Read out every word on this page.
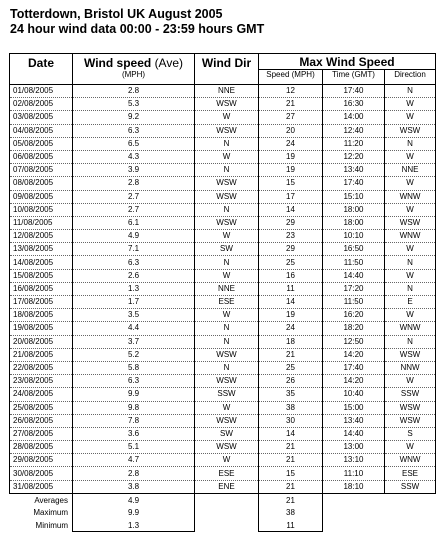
Totterdown, Bristol UK August 2005
24 hour wind data 00:00 - 23:59 hours GMT
Date	Wind speed (Ave)	Wind Dir	Max Wind Speed		
	(MPH)		Speed (MPH)	Time (GMT)	Direction
01/08/2005	2.8	NNE	12	17:40	N
02/08/2005	5.3	WSW	21	16:30	W
03/08/2005	9.2	W	27	14:00	W
04/08/2005	6.3	WSW	20	12:40	WSW
05/08/2005	6.5	N	24	11:20	N
06/08/2005	4.3	W	19	12:20	W
07/08/2005	3.9	N	19	13:40	NNE
08/08/2005	2.8	WSW	15	17:40	W
09/08/2005	2.7	WSW	17	15:10	WNW
10/08/2005	2.7	N	14	18:00	W
11/08/2005	6.1	WSW	29	18:00	WSW
12/08/2005	4.9	W	23	10:10	WNW
13/08/2005	7.1	SW	29	16:50	W
14/08/2005	6.3	N	25	11:50	N
15/08/2005	2.6	W	16	14:40	W
16/08/2005	1.3	NNE	11	17:20	N
17/08/2005	1.7	ESE	14	11:50	E
18/08/2005	3.5	W	19	16:20	W
19/08/2005	4.4	N	24	18:20	WNW
20/08/2005	3.7	N	18	12:50	N
21/08/2005	5.2	WSW	21	14:20	WSW
22/08/2005	5.8	N	25	17:40	NNW
23/08/2005	6.3	WSW	26	14:20	W
24/08/2005	9.9	SSW	35	10:40	SSW
25/08/2005	9.8	W	38	15:00	WSW
26/08/2005	7.8	WSW	30	13:40	WSW
27/08/2005	3.6	SW	14	14:40	S
28/08/2005	5.1	WSW	21	13:00	W
29/08/2005	4.7	W	21	13:10	WNW
30/08/2005	2.8	ESE	15	11:10	ESE
31/08/2005	3.8	ENE	21	18:10	SSW
Averages	4.9		21		
Maximum	9.9		38		
Minimum	1.3		11		
